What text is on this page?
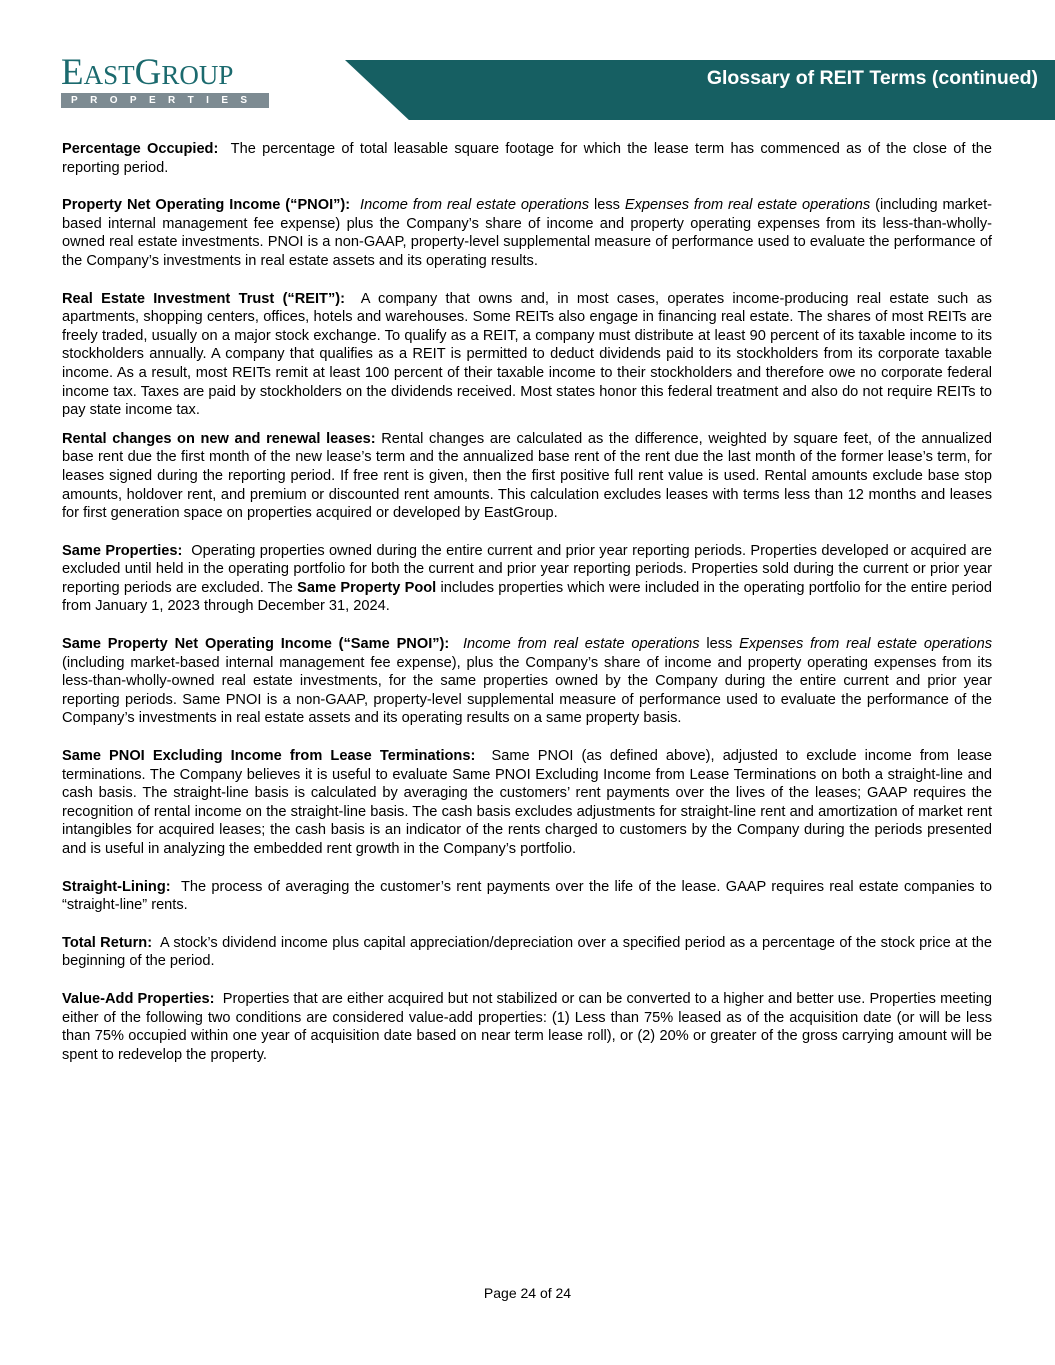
EASTGROUP
PROPERTIES
Glossary of REIT Terms (continued)

Percentage Occupied: The percentage of total leasable square footage for which the lease term has commenced as of the close of the reporting period.

Property Net Operating Income (“PNOI”): Income from real estate operations less Expenses from real estate operations (including market-based internal management fee expense) plus the Company’s share of income and property operating expenses from its less-than-wholly-owned real estate investments. PNOI is a non-GAAP, property-level supplemental measure of performance used to evaluate the performance of the Company’s investments in real estate assets and its operating results.

Real Estate Investment Trust (“REIT”): A company that owns and, in most cases, operates income-producing real estate such as apartments, shopping centers, offices, hotels and warehouses. Some REITs also engage in financing real estate. The shares of most REITs are freely traded, usually on a major stock exchange. To qualify as a REIT, a company must distribute at least 90 percent of its taxable income to its stockholders annually. A company that qualifies as a REIT is permitted to deduct dividends paid to its stockholders from its corporate taxable income. As a result, most REITs remit at least 100 percent of their taxable income to their stockholders and therefore owe no corporate federal income tax. Taxes are paid by stockholders on the dividends received. Most states honor this federal treatment and also do not require REITs to pay state income tax.

Rental changes on new and renewal leases: Rental changes are calculated as the difference, weighted by square feet, of the annualized base rent due the first month of the new lease’s term and the annualized base rent of the rent due the last month of the former lease’s term, for leases signed during the reporting period. If free rent is given, then the first positive full rent value is used. Rental amounts exclude base stop amounts, holdover rent, and premium or discounted rent amounts. This calculation excludes leases with terms less than 12 months and leases for first generation space on properties acquired or developed by EastGroup.

Same Properties: Operating properties owned during the entire current and prior year reporting periods. Properties developed or acquired are excluded until held in the operating portfolio for both the current and prior year reporting periods. Properties sold during the current or prior year reporting periods are excluded. The Same Property Pool includes properties which were included in the operating portfolio for the entire period from January 1, 2023 through December 31, 2024.

Same Property Net Operating Income (“Same PNOI”): Income from real estate operations less Expenses from real estate operations (including market-based internal management fee expense), plus the Company’s share of income and property operating expenses from its less-than-wholly-owned real estate investments, for the same properties owned by the Company during the entire current and prior year reporting periods. Same PNOI is a non-GAAP, property-level supplemental measure of performance used to evaluate the performance of the Company’s investments in real estate assets and its operating results on a same property basis.

Same PNOI Excluding Income from Lease Terminations: Same PNOI (as defined above), adjusted to exclude income from lease terminations. The Company believes it is useful to evaluate Same PNOI Excluding Income from Lease Terminations on both a straight-line and cash basis. The straight-line basis is calculated by averaging the customers’ rent payments over the lives of the leases; GAAP requires the recognition of rental income on the straight-line basis. The cash basis excludes adjustments for straight-line rent and amortization of market rent intangibles for acquired leases; the cash basis is an indicator of the rents charged to customers by the Company during the periods presented and is useful in analyzing the embedded rent growth in the Company’s portfolio.

Straight-Lining: The process of averaging the customer’s rent payments over the life of the lease. GAAP requires real estate companies to “straight-line” rents.

Total Return: A stock’s dividend income plus capital appreciation/depreciation over a specified period as a percentage of the stock price at the beginning of the period.

Value-Add Properties: Properties that are either acquired but not stabilized or can be converted to a higher and better use. Properties meeting either of the following two conditions are considered value-add properties: (1) Less than 75% leased as of the acquisition date (or will be less than 75% occupied within one year of acquisition date based on near term lease roll), or (2) 20% or greater of the gross carrying amount will be spent to redevelop the property.

Page 24 of 24
